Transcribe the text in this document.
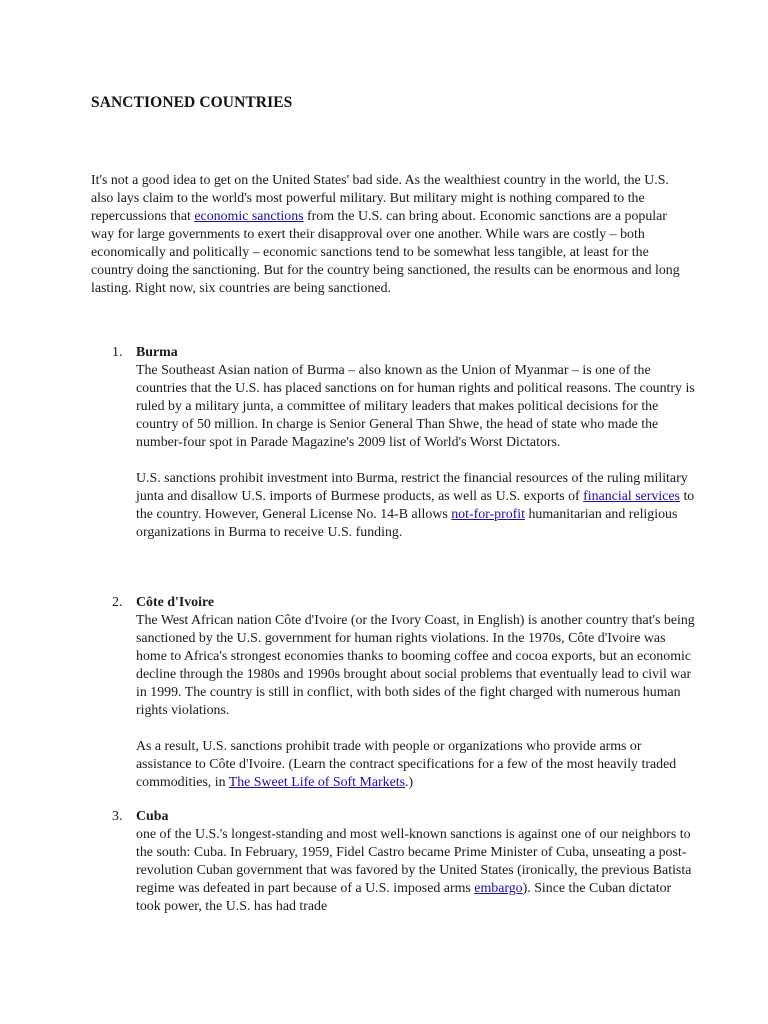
SANCTIONED COUNTRIES

It's not a good idea to get on the United States' bad side. As the wealthiest country in the world, the U.S. also lays claim to the world's most powerful military. But military might is nothing compared to the repercussions that economic sanctions from the U.S. can bring about. Economic sanctions are a popular way for large governments to exert their disapproval over one another. While wars are costly – both economically and politically – economic sanctions tend to be somewhat less tangible, at least for the country doing the sanctioning. But for the country being sanctioned, the results can be enormous and long lasting. Right now, six countries are being sanctioned.

1. Burma

The Southeast Asian nation of Burma – also known as the Union of Myanmar – is one of the countries that the U.S. has placed sanctions on for human rights and political reasons. The country is ruled by a military junta, a committee of military leaders that makes political decisions for the country of 50 million. In charge is Senior General Than Shwe, the head of state who made the number-four spot in Parade Magazine's 2009 list of World's Worst Dictators.

U.S. sanctions prohibit investment into Burma, restrict the financial resources of the ruling military junta and disallow U.S. imports of Burmese products, as well as U.S. exports of financial services to the country. However, General License No. 14-B allows not-for-profit humanitarian and religious organizations in Burma to receive U.S. funding.

2. Côte d'Ivoire

The West African nation Côte d'Ivoire (or the Ivory Coast, in English) is another country that's being sanctioned by the U.S. government for human rights violations. In the 1970s, Côte d'Ivoire was home to Africa's strongest economies thanks to booming coffee and cocoa exports, but an economic decline through the 1980s and 1990s brought about social problems that eventually lead to civil war in 1999. The country is still in conflict, with both sides of the fight charged with numerous human rights violations.

As a result, U.S. sanctions prohibit trade with people or organizations who provide arms or assistance to Côte d'Ivoire. (Learn the contract specifications for a few of the most heavily traded commodities, in The Sweet Life of Soft Markets.)

3. Cuba

one of the U.S.'s longest-standing and most well-known sanctions is against one of our neighbors to the south: Cuba. In February, 1959, Fidel Castro became Prime Minister of Cuba, unseating a post-revolution Cuban government that was favored by the United States (ironically, the previous Batista regime was defeated in part because of a U.S. imposed arms embargo). Since the Cuban dictator took power, the U.S. has had trade
